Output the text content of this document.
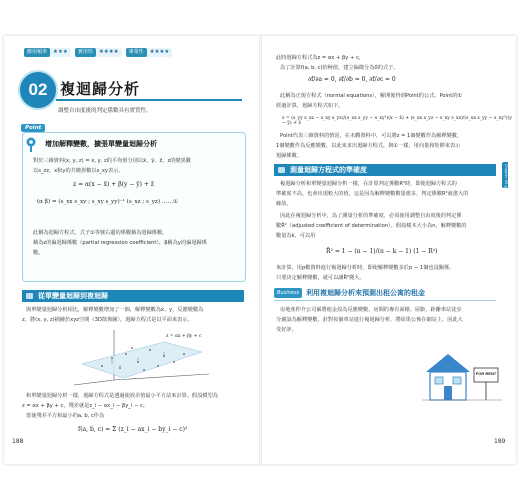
應用頻率	★★★	實用性	★★★★	專業性	★★★★
02 複迴歸分析
調整自由度後的判定係數具有實質性。
Point
增加解釋變數，擴張單變量迴歸分析
對於三維資料(x, y, z) = x, y, z的平均值分別以x̄、ȳ、z̄，z的變異數
以s_zz，x和y的共變異數以s_xy表示。
z = α(x − x̄) + β(y − ȳ) + z̄
(α β) = (s_xx s_xy ; s_xy s_yy)⁻¹ (s_xz ; s_yz) ……①
此稱為迴歸方程式，式子①等號右邊的係數稱為迴歸係數。
稱為z的偏迴歸係數（partial regression coefficient），β稱為y的偏迴歸係
數。
從單變量迴歸到複迴歸
與單變量迴歸分析相比，解釋變數增加了一個，解釋變數為x、y，反應變數為
z，將(x, y, z)描繪於xyz空間（3D散佈圖），迴歸方程式是以平面來表示。
z = αx + βy + c
和單變量迴歸分析一樣，迴歸方程式是透過使誤差值最小平方法來計算。假設模型為
z = αx + βy + c，殘差就是z_i − αx_i − βy_i − c。
當使殘差平方和最小的a, b, c作為
f(a, b, c) = Σ (z_i − ax_i − by_i − c)²
188
此時迴歸方程式為z = αx + βy + c，
為了計算f(a, b, c)的極值，建立偏微分為0的式子。
∂f/∂a = 0, ∂f/∂b = 0, ∂f/∂c = 0
此稱為正規方程式（normal equations），解開後得到Point的公式。Point的①
經過計算，迴歸方程式如下。
z = (s_yy s_xz − s_xy s_yz)/(s_xx s_yy − s_xy²)(x − x̄) + (s_xx s_yz − s_xy s_xz)/(s_xx s_yy − s_xy²)(y − ȳ) + z̄
Point代表三維資料的情況，在未觀資料中，可以將z = 1個變數作為解釋變數，
1個變數作為反應變數，以此來求出迴歸方程式。與①一樣，用向量和矩陣來表示
迴歸係數。
測量迴歸方程式的準確度
複迴歸分析和單變量迴歸分析一樣，在計算判定係數R²時，即使迴歸方程式的
準確度不高，也會出現較大的值。這是因為解釋變數數量愈多，判定係數R²就愈大的
緣故。
因此在複迴歸分析中，為了測量分析的準確度，必須使用調整自由度後的判定係
數R̄²（adjusted coefficient of determination）。假設樣本大小為n，解釋變數的
數量為k，可以用
R̄² = 1 − (n − 1)/(n − k − 1) (1 − R²)
來計算，用p數資料進行複迴歸分析時，即使解釋變數多於p − 1個也沒關係，
只要決定解釋變數，就可以讓R̄²變大。
Business	利用複迴歸分析來預測出租公寓的租金
房地產仲介公司累將租金設為反應變數，房間的專有面積、屋齡、距離車站徒步
分鐘設為解釋變數，針對每個車站進行複迴歸分析，將結果公佈在網站上，因此大
受好評。
FOR RENT
189
Chapter 05 迴歸分析
